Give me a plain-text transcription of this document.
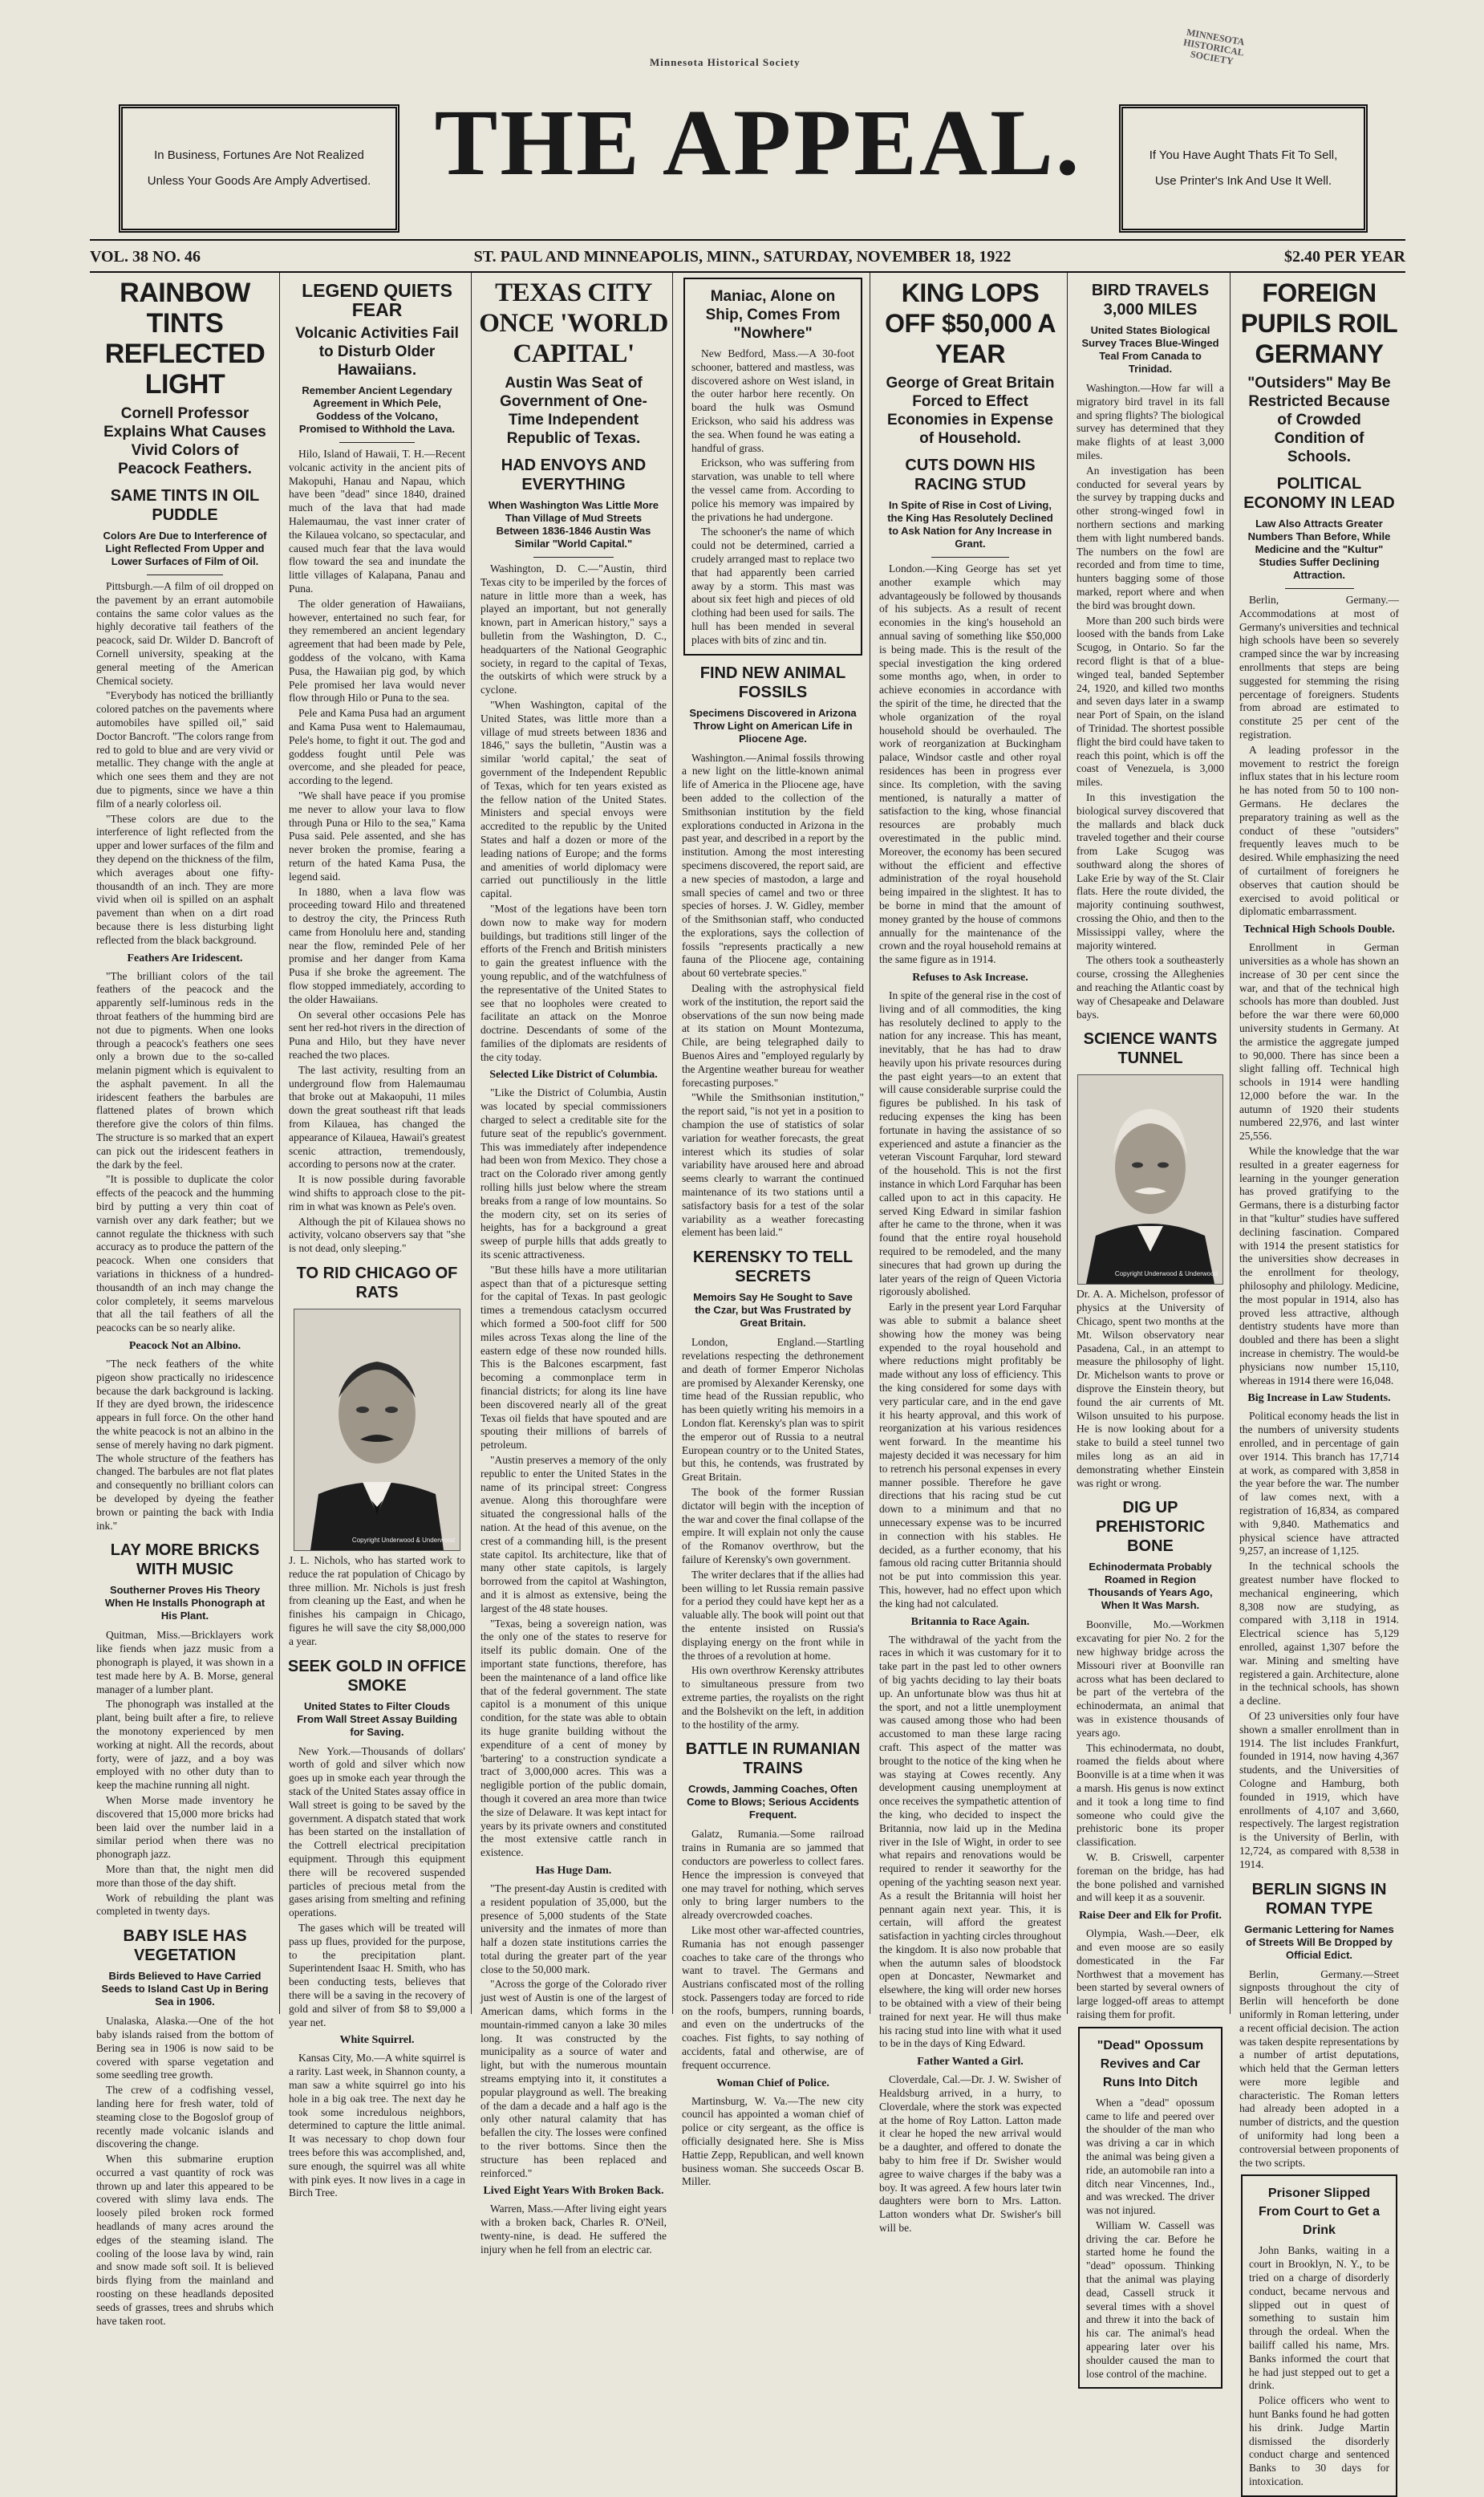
Minnesota Historical Society
MINNESOTA HISTORICAL SOCIETY
In Business, Fortunes Are Not Realized
Unless Your Goods Are Amply Advertised. THE APPEAL.	If You Have Aught Thats Fit To Sell,
Use Printer's Ink And Use It Well.
VOL. 38 NO. 46	ST. PAUL AND MINNEAPOLIS, MINN., SATURDAY, NOVEMBER 18, 1922	$2.40 PER YEAR
RAINBOW TINTS REFLECTED LIGHT
Cornell Professor Explains What Causes Vivid Colors of Peacock Feathers.
SAME TINTS IN OIL PUDDLE
Colors Are Due to Interference of Light Reflected From Upper and Lower Surfaces of Film of Oil.

Pittsburgh.—A film of oil dropped on the pavement by an errant automobile contains the same color values as the highly decorative tail feathers of the peacock, said Dr. Wilder D. Bancroft of Cornell university, speaking at the general meeting of the American Chemical society.

"Everybody has noticed the brilliantly colored patches on the pavements where automobiles have spilled oil," said Doctor Bancroft. "The colors range from red to gold to blue and are very vivid or metallic. They change with the angle at which one sees them and they are not due to pigments, since we have a thin film of a nearly colorless oil.

"These colors are due to the interference of light reflected from the upper and lower surfaces of the film and they depend on the thickness of the film, which averages about one fifty-thousandth of an inch. They are more vivid when oil is spilled on an asphalt pavement than when on a dirt road because there is less disturbing light reflected from the black background.

Feathers Are Iridescent.

"The brilliant colors of the tail feathers of the peacock and the apparently self-luminous reds in the throat feathers of the humming bird are not due to pigments. When one looks through a peacock's feathers one sees only a brown due to the so-called melanin pigment which is equivalent to the asphalt pavement. In all the iridescent feathers the barbules are flattened plates of brown which therefore give the colors of thin films. The structure is so marked that an expert can pick out the iridescent feathers in the dark by the feel.

"It is possible to duplicate the color effects of the peacock and the humming bird by putting a very thin coat of varnish over any dark feather; but we cannot regulate the thickness with such accuracy as to produce the pattern of the peacock. When one considers that variations in thickness of a hundred-thousandth of an inch may change the color completely, it seems marvelous that all the tail feathers of all the peacocks can be so nearly alike.

Peacock Not an Albino.

"The neck feathers of the white pigeon show practically no iridescence because the dark background is lacking. If they are dyed brown, the iridescence appears in full force. On the other hand the white peacock is not an albino in the sense of merely having no dark pigment. The whole structure of the feathers has changed. The barbules are not flat plates and consequently no brilliant colors can be developed by dyeing the feather brown or painting the back with India ink."

LAY MORE BRICKS WITH MUSIC
Southerner Proves His Theory When He Installs Phonograph at His Plant.

Quitman, Miss.—Bricklayers work like fiends when jazz music from a phonograph is played, it was shown in a test made here by A. B. Morse, general manager of a lumber plant.

The phonograph was installed at the plant, being built after a fire, to relieve the monotony experienced by men working at night. All the records, about forty, were of jazz, and a boy was employed with no other duty than to keep the machine running all night.

When Morse made inventory he discovered that 15,000 more bricks had been laid over the number laid in a similar period when there was no phonograph jazz.

More than that, the night men did more than those of the day shift.

Work of rebuilding the plant was completed in twenty days.

BABY ISLE HAS VEGETATION
Birds Believed to Have Carried Seeds to Island Cast Up in Bering Sea in 1906.

Unalaska, Alaska.—One of the hot baby islands raised from the bottom of Bering sea in 1906 is now said to be covered with sparse vegetation and some seedling tree growth.

The crew of a codfishing vessel, landing here for fresh water, told of steaming close to the Bogoslof group of recently made volcanic islands and discovering the change.

When this submarine eruption occurred a vast quantity of rock was thrown up and later this appeared to be covered with slimy lava ends. The loosely piled broken rock formed headlands of many acres around the edges of the steaming island. The cooling of the loose lava by wind, rain and snow made soft soil. It is believed birds flying from the mainland and roosting on these headlands deposited seeds of grasses, trees and shrubs which have taken root.

LEGEND QUIETS FEAR
Volcanic Activities Fail to Disturb Older Hawaiians.
Remember Ancient Legendary Agreement in Which Pele, Goddess of the Volcano, Promised to Withhold the Lava.

Hilo, Island of Hawaii, T. H.—Recent volcanic activity in the ancient pits of Makopuhi, Hanau and Napau, which have been "dead" since 1840, drained much of the lava that had made Halemaumau, the vast inner crater of the Kilauea volcano, so spectacular, and caused much fear that the lava would flow toward the sea and inundate the little villages of Kalapana, Panau and Puna.

The older generation of Hawaiians, however, entertained no such fear, for they remembered an ancient legendary agreement that had been made by Pele, goddess of the volcano, with Kama Pusa, the Hawaiian pig god, by which Pele promised her lava would never flow through Hilo or Puna to the sea.

Pele and Kama Pusa had an argument and Kama Pusa went to Halemaumau, Pele's home, to fight it out. The god and goddess fought until Pele was overcome, and she pleaded for peace, according to the legend.

"We shall have peace if you promise me never to allow your lava to flow through Puna or Hilo to the sea," Kama Pusa said. Pele assented, and she has never broken the promise, fearing a return of the hated Kama Pusa, the legend said.

In 1880, when a lava flow was proceeding toward Hilo and threatened to destroy the city, the Princess Ruth came from Honolulu here and, standing near the flow, reminded Pele of her promise and her danger from Kama Pusa if she broke the agreement. The flow stopped immediately, according to the older Hawaiians.

On several other occasions Pele has sent her red-hot rivers in the direction of Puna and Hilo, but they have never reached the two places.

The last activity, resulting from an underground flow from Halemaumau that broke out at Makaopuhi, 11 miles down the great southeast rift that leads from Kilauea, has changed the appearance of Kilauea, Hawaii's greatest scenic attraction, tremendously, according to persons now at the crater.

It is now possible during favorable wind shifts to approach close to the pit-rim in what was known as Pele's oven.

Although the pit of Kilauea shows no activity, volcano observers say that "she is not dead, only sleeping."

TO RID CHICAGO OF RATS
Copyright Underwood & Underwood

J. L. Nichols, who has started work to reduce the rat population of Chicago by three million. Mr. Nichols is just fresh from cleaning up the East, and when he finishes his campaign in Chicago, figures he will save the city $8,000,000 a year.

SEEK GOLD IN OFFICE SMOKE
United States to Filter Clouds From Wall Street Assay Building for Saving.

New York.—Thousands of dollars' worth of gold and silver which now goes up in smoke each year through the stack of the United States assay office in Wall street is going to be saved by the government. A dispatch stated that work has been started on the installation of the Cottrell electrical precipitation equipment. Through this equipment there will be recovered suspended particles of precious metal from the gases arising from smelting and refining operations.

The gases which will be treated will pass up flues, provided for the purpose, to the precipitation plant. Superintendent Isaac H. Smith, who has been conducting tests, believes that there will be a saving in the recovery of gold and silver of from $8 to $9,000 a year net.

White Squirrel.

Kansas City, Mo.—A white squirrel is a rarity. Last week, in Shannon county, a man saw a white squirrel go into his hole in a big oak tree. The next day he took some incredulous neighbors, determined to capture the little animal. It was necessary to chop down four trees before this was accomplished, and, sure enough, the squirrel was all white with pink eyes. It now lives in a cage in Birch Tree.

TEXAS CITY ONCE 'WORLD CAPITAL'
Austin Was Seat of Government of One-Time Independent Republic of Texas.
HAD ENVOYS AND EVERYTHING
When Washington Was Little More Than Village of Mud Streets Between 1836-1846 Austin Was Similar "World Capital."

Washington, D. C.—"Austin, third Texas city to be imperiled by the forces of nature in little more than a week, has played an important, but not generally known, part in American history," says a bulletin from the Washington, D. C., headquarters of the National Geographic society, in regard to the capital of Texas, the outskirts of which were struck by a cyclone.

"When Washington, capital of the United States, was little more than a village of mud streets between 1836 and 1846," says the bulletin, "Austin was a similar 'world capital,' the seat of government of the Independent Republic of Texas, which for ten years existed as the fellow nation of the United States. Ministers and special envoys were accredited to the republic by the United States and half a dozen or more of the leading nations of Europe; and the forms and amenities of world diplomacy were carried out punctiliously in the little capital.

"Most of the legations have been torn down now to make way for modern buildings, but traditions still linger of the efforts of the French and British ministers to gain the greatest influence with the young republic, and of the watchfulness of the representative of the United States to see that no loopholes were created to facilitate an attack on the Monroe doctrine. Descendants of some of the families of the diplomats are residents of the city today.

Selected Like District of Columbia.

"Like the District of Columbia, Austin was located by special commissioners charged to select a creditable site for the future seat of the republic's government. This was immediately after independence had been won from Mexico. They chose a tract on the Colorado river among gently rolling hills just below where the stream breaks from a range of low mountains. So the modern city, set on its series of heights, has for a background a great sweep of purple hills that adds greatly to its scenic attractiveness.

"But these hills have a more utilitarian aspect than that of a picturesque setting for the capital of Texas. In past geologic times a tremendous cataclysm occurred which formed a 500-foot cliff for 500 miles across Texas along the line of the eastern edge of these now rounded hills. This is the Balcones escarpment, fast becoming a commonplace term in financial districts; for along its line have been discovered nearly all of the great Texas oil fields that have spouted and are spouting their millions of barrels of petroleum.

"Austin preserves a memory of the only republic to enter the United States in the name of its principal street: Congress avenue. Along this thoroughfare were situated the congressional halls of the nation. At the head of this avenue, on the crest of a commanding hill, is the present state capitol. Its architecture, like that of many other state capitols, is largely borrowed from the capitol at Washington, and it is almost as extensive, being the largest of the 48 state houses.

"Texas, being a sovereign nation, was the only one of the states to reserve for itself its public domain. One of the important state functions, therefore, has been the maintenance of a land office like that of the federal government. The state capitol is a monument of this unique condition, for the state was able to obtain its huge granite building without the expenditure of a cent of money by 'bartering' to a construction syndicate a tract of 3,000,000 acres. This was a negligible portion of the public domain, though it covered an area more than twice the size of Delaware. It was kept intact for years by its private owners and constituted the most extensive cattle ranch in existence.

Has Huge Dam.

"The present-day Austin is credited with a resident population of 35,000, but the presence of 5,000 students of the State university and the inmates of more than half a dozen state institutions carries the total during the greater part of the year close to the 50,000 mark.

"Across the gorge of the Colorado river just west of Austin is one of the largest of American dams, which forms in the mountain-rimmed canyon a lake 30 miles long. It was constructed by the municipality as a source of water and light, but with the numerous mountain streams emptying into it, it constitutes a popular playground as well. The breaking of the dam a decade and a half ago is the only other natural calamity that has befallen the city. The losses were confined to the river bottoms. Since then the structure has been replaced and reinforced."

Lived Eight Years With Broken Back.

Warren, Mass.—After living eight years with a broken back, Charles R. O'Neil, twenty-nine, is dead. He suffered the injury when he fell from an electric car.

Maniac, Alone on Ship, Comes From "Nowhere"

New Bedford, Mass.—A 30-foot schooner, battered and mastless, was discovered ashore on West island, in the outer harbor here recently. On board the hulk was Osmund Erickson, who said his address was the sea. When found he was eating a handful of grass.

Erickson, who was suffering from starvation, was unable to tell where the vessel came from. According to police his memory was impaired by the privations he had undergone.

The schooner's the name of which could not be determined, carried a crudely arranged mast to replace two that had apparently been carried away by a storm. This mast was about six feet high and pieces of old clothing had been used for sails. The hull has been mended in several places with bits of zinc and tin.

FIND NEW ANIMAL FOSSILS
Specimens Discovered in Arizona Throw Light on American Life in Pliocene Age.

Washington.—Animal fossils throwing a new light on the little-known animal life of America in the Pliocene age, have been added to the collection of the Smithsonian institution by the field explorations conducted in Arizona in the past year, and described in a report by the institution. Among the most interesting specimens discovered, the report said, are a new species of mastodon, a large and small species of camel and two or three species of horses. J. W. Gidley, member of the Smithsonian staff, who conducted the explorations, says the collection of fossils "represents practically a new fauna of the Pliocene age, containing about 60 vertebrate species."

Dealing with the astrophysical field work of the institution, the report said the observations of the sun now being made at its station on Mount Montezuma, Chile, are being telegraphed daily to Buenos Aires and "employed regularly by the Argentine weather bureau for weather forecasting purposes."

"While the Smithsonian institution," the report said, "is not yet in a position to champion the use of statistics of solar variation for weather forecasts, the great interest which its studies of solar variability have aroused here and abroad seems clearly to warrant the continued maintenance of its two stations until a satisfactory basis for a test of the solar variability as a weather forecasting element has been laid."

KERENSKY TO TELL SECRETS
Memoirs Say He Sought to Save the Czar, but Was Frustrated by Great Britain.

London, England.—Startling revelations respecting the dethronement and death of former Emperor Nicholas are promised by Alexander Kerensky, one time head of the Russian republic, who has been quietly writing his memoirs in a London flat. Kerensky's plan was to spirit the emperor out of Russia to a neutral European country or to the United States, but this, he contends, was frustrated by Great Britain.

The book of the former Russian dictator will begin with the inception of the war and cover the final collapse of the empire. It will explain not only the cause of the Romanov overthrow, but the failure of Kerensky's own government.

The writer declares that if the allies had been willing to let Russia remain passive for a period they could have kept her as a valuable ally. The book will point out that the entente insisted on Russia's displaying energy on the front while in the throes of a revolution at home.

His own overthrow Kerensky attributes to simultaneous pressure from two extreme parties, the royalists on the right and the Bolshevikt on the left, in addition to the hostility of the army.

BATTLE IN RUMANIAN TRAINS
Crowds, Jamming Coaches, Often Come to Blows; Serious Accidents Frequent.

Galatz, Rumania.—Some railroad trains in Rumania are so jammed that conductors are powerless to collect fares. Hence the impression is conveyed that one may travel for nothing, which serves only to bring larger numbers to the already overcrowded coaches.

Like most other war-affected countries, Rumania has not enough passenger coaches to take care of the throngs who want to travel. The Germans and Austrians confiscated most of the rolling stock. Passengers today are forced to ride on the roofs, bumpers, running boards, and even on the undertrucks of the coaches. Fist fights, to say nothing of accidents, fatal and otherwise, are of frequent occurrence.

Woman Chief of Police.

Martinsburg, W. Va.—The new city council has appointed a woman chief of police or city sergeant, as the office is officially designated here. She is Miss Hattie Zepp, Republican, and well known business woman. She succeeds Oscar B. Miller.

KING LOPS OFF $50,000 A YEAR
George of Great Britain Forced to Effect Economies in Expense of Household.
CUTS DOWN HIS RACING STUD
In Spite of Rise in Cost of Living, the King Has Resolutely Declined to Ask Nation for Any Increase in Grant.

London.—King George has set yet another example which may advantageously be followed by thousands of his subjects. As a result of recent economies in the king's household an annual saving of something like $50,000 is being made. This is the result of the special investigation the king ordered some months ago, when, in order to achieve economies in accordance with the spirit of the time, he directed that the whole organization of the royal household should be overhauled. The work of reorganization at Buckingham palace, Windsor castle and other royal residences has been in progress ever since. Its completion, with the saving mentioned, is naturally a matter of satisfaction to the king, whose financial resources are probably much overestimated in the public mind. Moreover, the economy has been secured without the efficient and effective administration of the royal household being impaired in the slightest. It has to be borne in mind that the amount of money granted by the house of commons annually for the maintenance of the crown and the royal household remains at the same figure as in 1914.

Refuses to Ask Increase.

In spite of the general rise in the cost of living and of all commodities, the king has resolutely declined to apply to the nation for any increase. This has meant, inevitably, that he has had to draw heavily upon his private resources during the past eight years—to an extent that will cause considerable surprise could the figures be published. In his task of reducing expenses the king has been fortunate in having the assistance of so experienced and astute a financier as the veteran Viscount Farquhar, lord steward of the household. This is not the first instance in which Lord Farquhar has been called upon to act in this capacity. He served King Edward in similar fashion after he came to the throne, when it was found that the entire royal household required to be remodeled, and the many sinecures that had grown up during the later years of the reign of Queen Victoria rigorously abolished.

Early in the present year Lord Farquhar was able to submit a balance sheet showing how the money was being expended to the royal household and where reductions might profitably be made without any loss of efficiency. This the king considered for some days with very particular care, and in the end gave it his hearty approval, and this work of reorganization at his various residences went forward. In the meantime his majesty decided it was necessary for him to retrench his personal expenses in every manner possible. Therefore he gave directions that his racing stud be cut down to a minimum and that no unnecessary expense was to be incurred in connection with his stables. He decided, as a further economy, that his famous old racing cutter Britannia should not be put into commission this year. This, however, had no effect upon which the king had not calculated.

Britannia to Race Again.

The withdrawal of the yacht from the races in which it was customary for it to take part in the past led to other owners of big yachts deciding to lay their boats up. An unfortunate blow was thus hit at the sport, and not a little unemployment was caused among those who had been accustomed to man these large racing craft. This aspect of the matter was brought to the notice of the king when he was staying at Cowes recently. Any development causing unemployment at once receives the sympathetic attention of the king, who decided to inspect the Britannia, now laid up in the Medina river in the Isle of Wight, in order to see what repairs and renovations would be required to render it seaworthy for the opening of the yachting season next year. As a result the Britannia will hoist her pennant again next year. This, it is certain, will afford the greatest satisfaction in yachting circles throughout the kingdom. It is also now probable that when the autumn sales of bloodstock open at Doncaster, Newmarket and elsewhere, the king will order new horses to be obtained with a view of their being trained for next year. He will thus make his racing stud into line with what it used to be in the days of King Edward.

Father Wanted a Girl.

Cloverdale, Cal.—Dr. J. W. Swisher of Healdsburg arrived, in a hurry, to Cloverdale, where the stork was expected at the home of Roy Latton. Latton made it clear he hoped the new arrival would be a daughter, and offered to donate the baby to him free if Dr. Swisher would agree to waive charges if the baby was a boy. It was agreed. A few hours later twin daughters were born to Mrs. Latton. Latton wonders what Dr. Swisher's bill will be.

BIRD TRAVELS 3,000 MILES
United States Biological Survey Traces Blue-Winged Teal From Canada to Trinidad.

Washington.—How far will a migratory bird travel in its fall and spring flights? The biological survey has determined that they make flights of at least 3,000 miles.

An investigation has been conducted for several years by the survey by trapping ducks and other strong-winged fowl in northern sections and marking them with light numbered bands. The numbers on the fowl are recorded and from time to time, hunters bagging some of those marked, report where and when the bird was brought down.

More than 200 such birds were loosed with the bands from Lake Scugog, in Ontario. So far the record flight is that of a blue-winged teal, banded September 24, 1920, and killed two months and seven days later in a swamp near Port of Spain, on the island of Trinidad. The shortest possible flight the bird could have taken to reach this point, which is off the coast of Venezuela, is 3,000 miles.

In this investigation the biological survey discovered that the mallards and black duck traveled together and their course from Lake Scugog was southward along the shores of Lake Erie by way of the St. Clair flats. Here the route divided, the majority continuing southwest, crossing the Ohio, and then to the Mississippi valley, where the majority wintered.

The others took a southeasterly course, crossing the Alleghenies and reaching the Atlantic coast by way of Chesapeake and Delaware bays.

SCIENCE WANTS TUNNEL
Copyright Underwood & Underwood

Dr. A. A. Michelson, professor of physics at the University of Chicago, spent two months at the Mt. Wilson observatory near Pasadena, Cal., in an attempt to measure the philosophy of light. Dr. Michelson wants to prove or disprove the Einstein theory, but found the air currents of Mt. Wilson unsuited to his purpose. He is now looking about for a stake to build a steel tunnel two miles long as an aid in demonstrating whether Einstein was right or wrong.

DIG UP PREHISTORIC BONE
Echinodermata Probably Roamed in Region Thousands of Years Ago, When It Was Marsh.

Boonville, Mo.—Workmen excavating for pier No. 2 for the new highway bridge across the Missouri river at Boonville ran across what has been declared to be part of the vertebra of the echinodermata, an animal that was in existence thousands of years ago.

This echinodermata, no doubt, roamed the fields about where Boonville is at a time when it was a marsh. His genus is now extinct and it took a long time to find someone who could give the prehistoric bone its proper classification.

W. B. Criswell, carpenter foreman on the bridge, has had the bone polished and varnished and will keep it as a souvenir.

Raise Deer and Elk for Profit.

Olympia, Wash.—Deer, elk and even moose are so easily domesticated in the Far Northwest that a movement has been started by several owners of large logged-off areas to attempt raising them for profit.

"Dead" Opossum Revives and Car Runs Into Ditch

When a "dead" opossum came to life and peered over the shoulder of the man who was driving a car in which the animal was being given a ride, an automobile ran into a ditch near Vincennes, Ind., and was wrecked. The driver was not injured.

William W. Cassell was driving the car. Before he started home he found the "dead" opossum. Thinking that the animal was playing dead, Cassell struck it several times with a shovel and threw it into the back of his car. The animal's head appearing later over his shoulder caused the man to lose control of the machine.

FOREIGN PUPILS ROIL GERMANY
"Outsiders" May Be Restricted Because of Crowded Condition of Schools.
POLITICAL ECONOMY IN LEAD
Law Also Attracts Greater Numbers Than Before, While Medicine and the "Kultur" Studies Suffer Declining Attraction.

Berlin, Germany.—Accommodations at most of Germany's universities and technical high schools have been so severely cramped since the war by increasing enrollments that steps are being suggested for stemming the rising percentage of foreigners. Students from abroad are estimated to constitute 25 per cent of the registration.

A leading professor in the movement to restrict the foreign influx states that in his lecture room he has noted from 50 to 100 non-Germans. He declares the preparatory training as well as the conduct of these "outsiders" frequently leaves much to be desired. While emphasizing the need of curtailment of foreigners he observes that caution should be exercised to avoid political or diplomatic embarrassment.

Technical High Schools Double.

Enrollment in German universities as a whole has shown an increase of 30 per cent since the war, and that of the technical high schools has more than doubled. Just before the war there were 60,000 university students in Germany. At the armistice the aggregate jumped to 90,000. There has since been a slight falling off. Technical high schools in 1914 were handling 12,000 before the war. In the autumn of 1920 their students numbered 22,976, and last winter 25,556.

While the knowledge that the war resulted in a greater eagerness for learning in the younger generation has proved gratifying to the Germans, there is a disturbing factor in that "kultur" studies have suffered declining fascination. Compared with 1914 the present statistics for the universities show decreases in the enrollment for theology, philosophy and philology. Medicine, the most popular in 1914, also has proved less attractive, although dentistry students have more than doubled and there has been a slight increase in chemistry. The would-be physicians now number 15,110, whereas in 1914 there were 16,048.

Big Increase in Law Students.

Political economy heads the list in the numbers of university students enrolled, and in percentage of gain over 1914. This branch has 17,714 at work, as compared with 3,858 in the year before the war. The number of law comes next, with a registration of 16,834, as compared with 9,840. Mathematics and physical science have attracted 9,257, an increase of 1,125.

In the technical schools the greatest number have flocked to mechanical engineering, which 8,308 now are studying, as compared with 3,118 in 1914. Electrical science has 5,129 enrolled, against 1,307 before the war. Mining and smelting have registered a gain. Architecture, alone in the technical schools, has shown a decline.

Of 23 universities only four have shown a smaller enrollment than in 1914. The list includes Frankfurt, founded in 1914, now having 4,367 students, and the Universities of Cologne and Hamburg, both founded in 1919, which have enrollments of 4,107 and 3,660, respectively. The largest registration is the University of Berlin, with 12,724, as compared with 8,538 in 1914.

BERLIN SIGNS IN ROMAN TYPE
Germanic Lettering for Names of Streets Will Be Dropped by Official Edict.

Berlin, Germany.—Street signposts throughout the city of Berlin will henceforth be done uniformly in Roman lettering, under a recent official decision. The action was taken despite representations by a number of artist deputations, which held that the German letters were more legible and characteristic. The Roman letters had already been adopted in a number of districts, and the question of uniformity had long been a controversial between proponents of the two scripts.

Prisoner Slipped From Court to Get a Drink

John Banks, waiting in a court in Brooklyn, N. Y., to be tried on a charge of disorderly conduct, became nervous and slipped out in quest of something to sustain him through the ordeal. When the bailiff called his name, Mrs. Banks informed the court that he had just stepped out to get a drink.

Police officers who went to hunt Banks found he had gotten his drink. Judge Martin dismissed the disorderly conduct charge and sentenced Banks to 30 days for intoxication.
